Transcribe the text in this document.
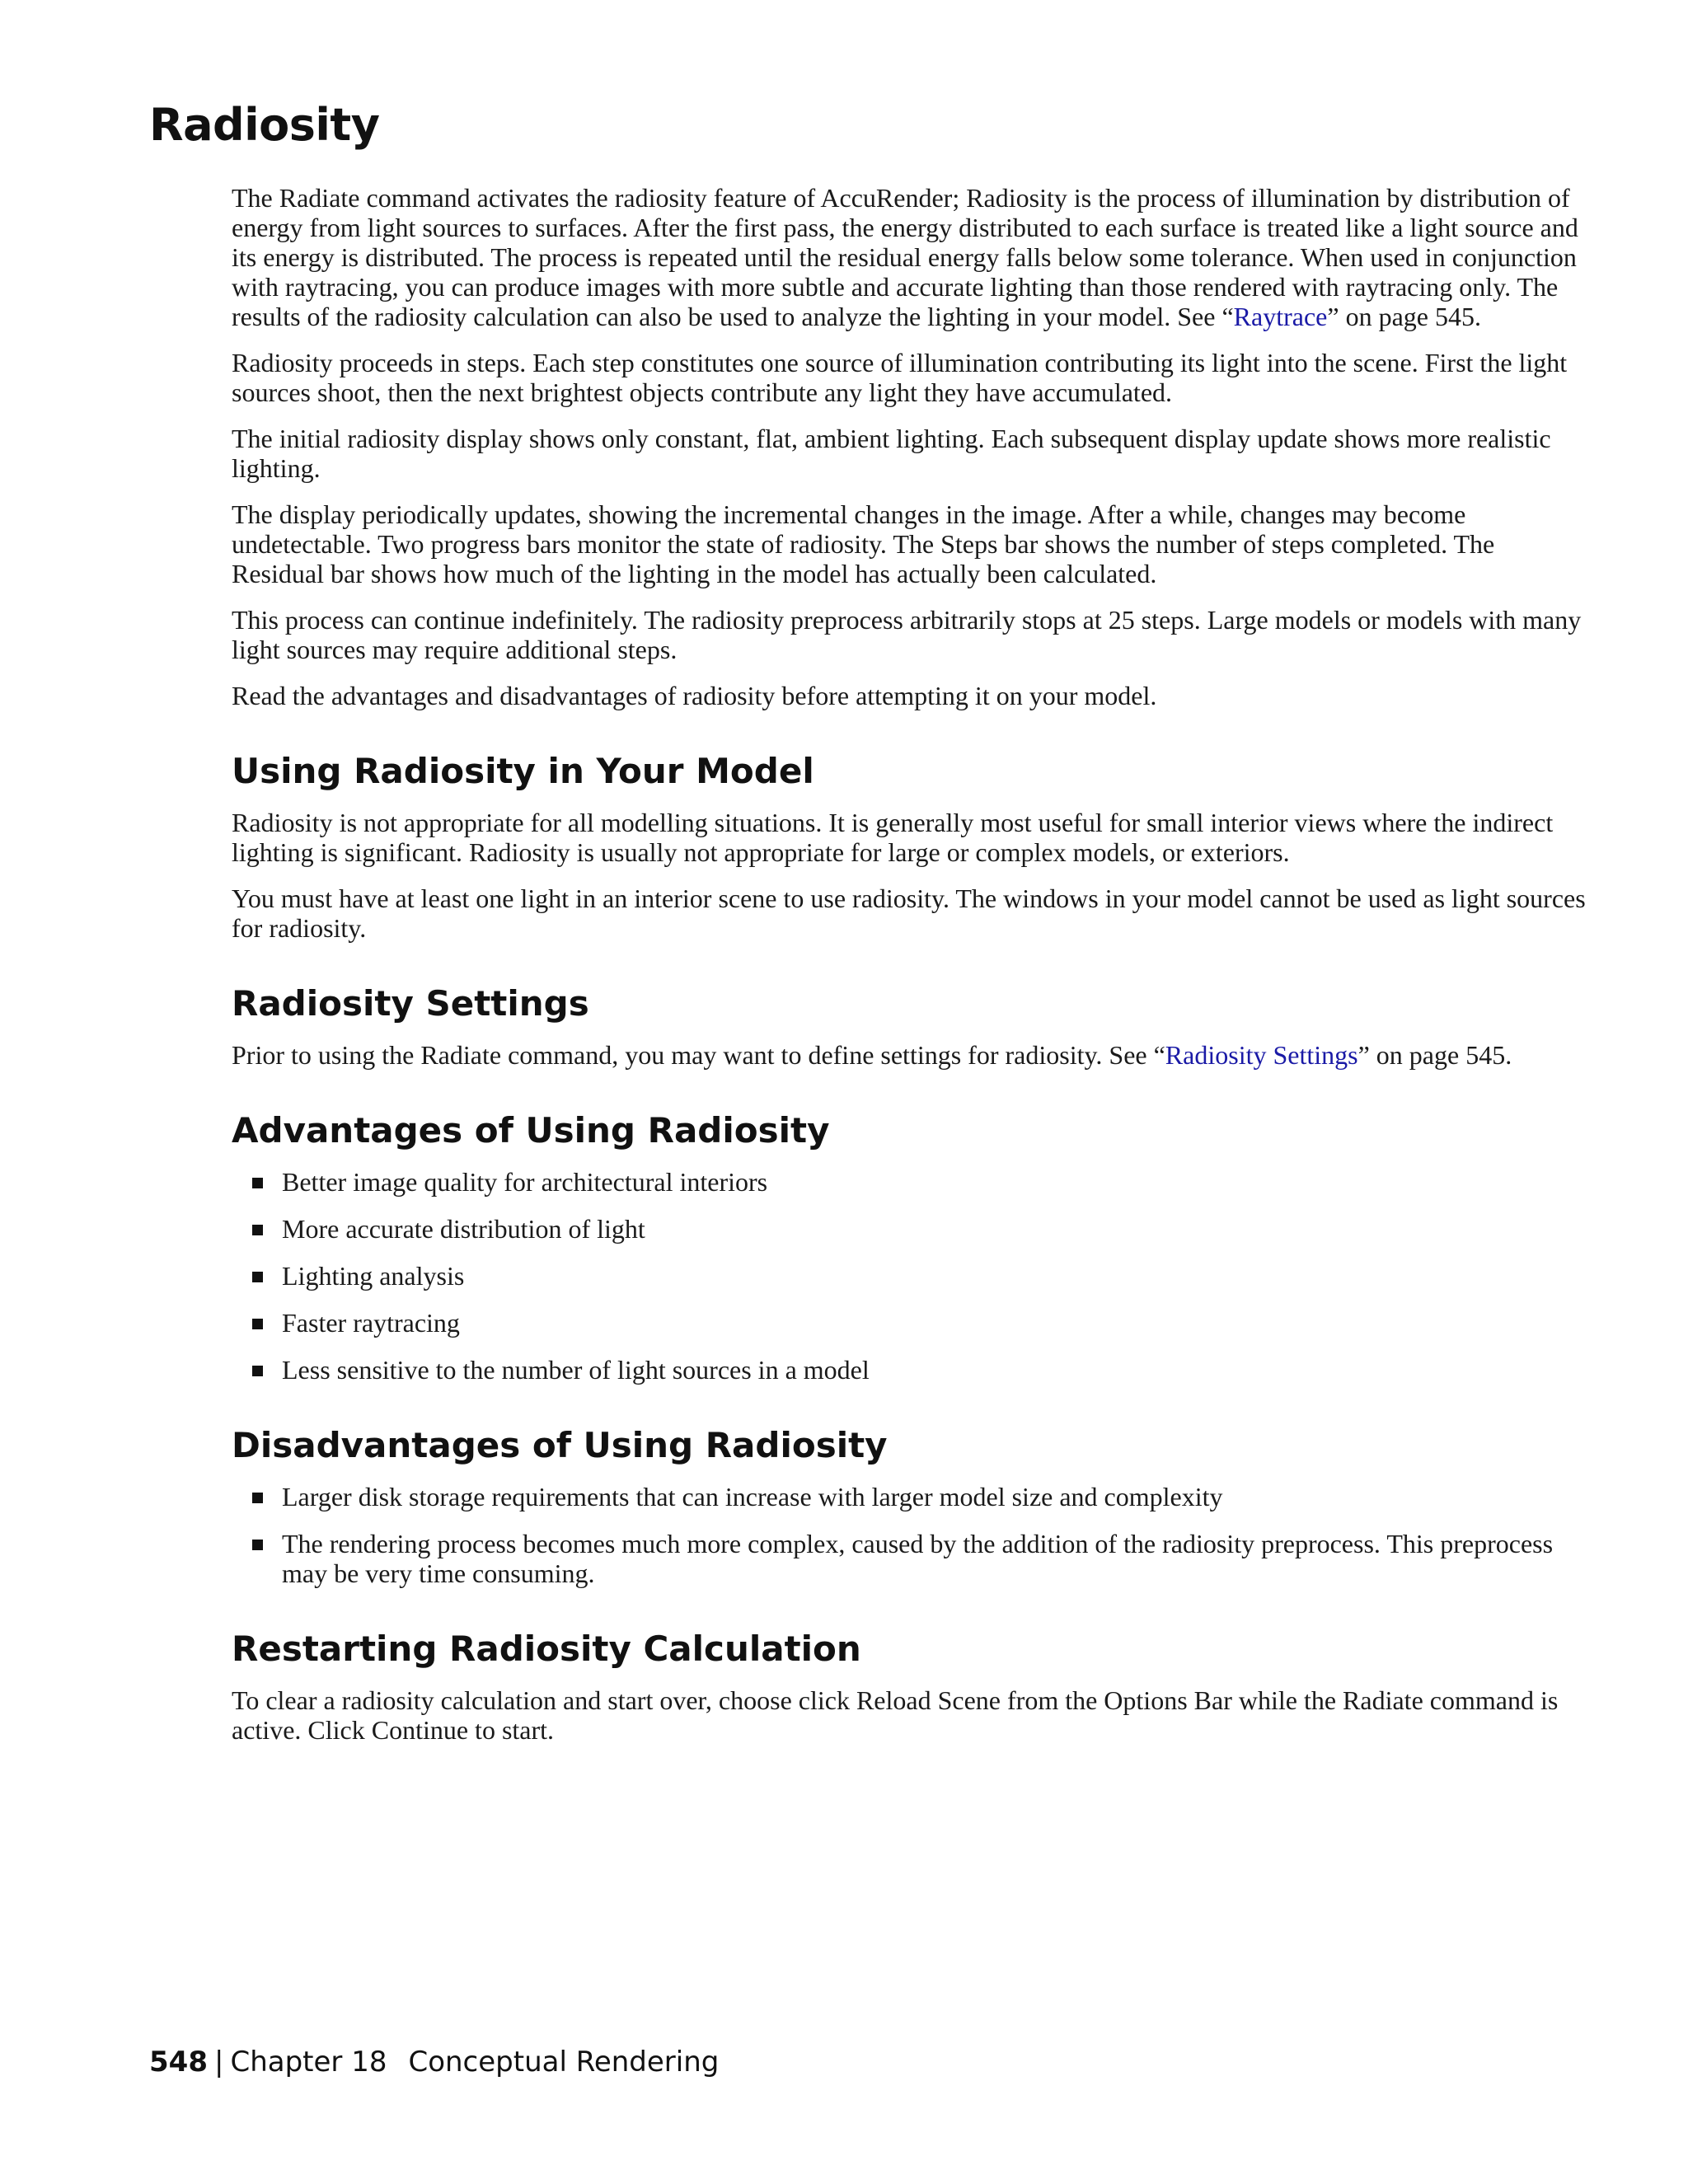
Radiosity

The Radiate command activates the radiosity feature of AccuRender; Radiosity is the process of illumination by distribution of energy from light sources to surfaces. After the first pass, the energy distributed to each surface is treated like a light source and its energy is distributed. The process is repeated until the residual energy falls below some tolerance. When used in conjunction with raytracing, you can produce images with more subtle and accurate lighting than those rendered with raytracing only. The results of the radiosity calculation can also be used to analyze the lighting in your model. See “Raytrace” on page 545.

Radiosity proceeds in steps. Each step constitutes one source of illumination contributing its light into the scene. First the light sources shoot, then the next brightest objects contribute any light they have accumulated.

The initial radiosity display shows only constant, flat, ambient lighting. Each subsequent display update shows more realistic lighting.

The display periodically updates, showing the incremental changes in the image. After a while, changes may become undetectable. Two progress bars monitor the state of radiosity. The Steps bar shows the number of steps completed. The Residual bar shows how much of the lighting in the model has actually been calculated.

This process can continue indefinitely. The radiosity preprocess arbitrarily stops at 25 steps. Large models or models with many light sources may require additional steps.

Read the advantages and disadvantages of radiosity before attempting it on your model.

Using Radiosity in Your Model

Radiosity is not appropriate for all modelling situations. It is generally most useful for small interior views where the indirect lighting is significant. Radiosity is usually not appropriate for large or complex models, or exteriors.

You must have at least one light in an interior scene to use radiosity. The windows in your model cannot be used as light sources for radiosity.

Radiosity Settings

Prior to using the Radiate command, you may want to define settings for radiosity. See “Radiosity Settings” on page 545.

Advantages of Using Radiosity
Better image quality for architectural interiors
More accurate distribution of light
Lighting analysis
Faster raytracing
Less sensitive to the number of light sources in a model
Disadvantages of Using Radiosity
Larger disk storage requirements that can increase with larger model size and complexity
The rendering process becomes much more complex, caused by the addition of the radiosity preprocess. This preprocess may be very time consuming.
Restarting Radiosity Calculation

To clear a radiosity calculation and start over, choose click Reload Scene from the Options Bar while the Radiate command is active. Click Continue to start.

548 | Chapter 18 Conceptual Rendering
